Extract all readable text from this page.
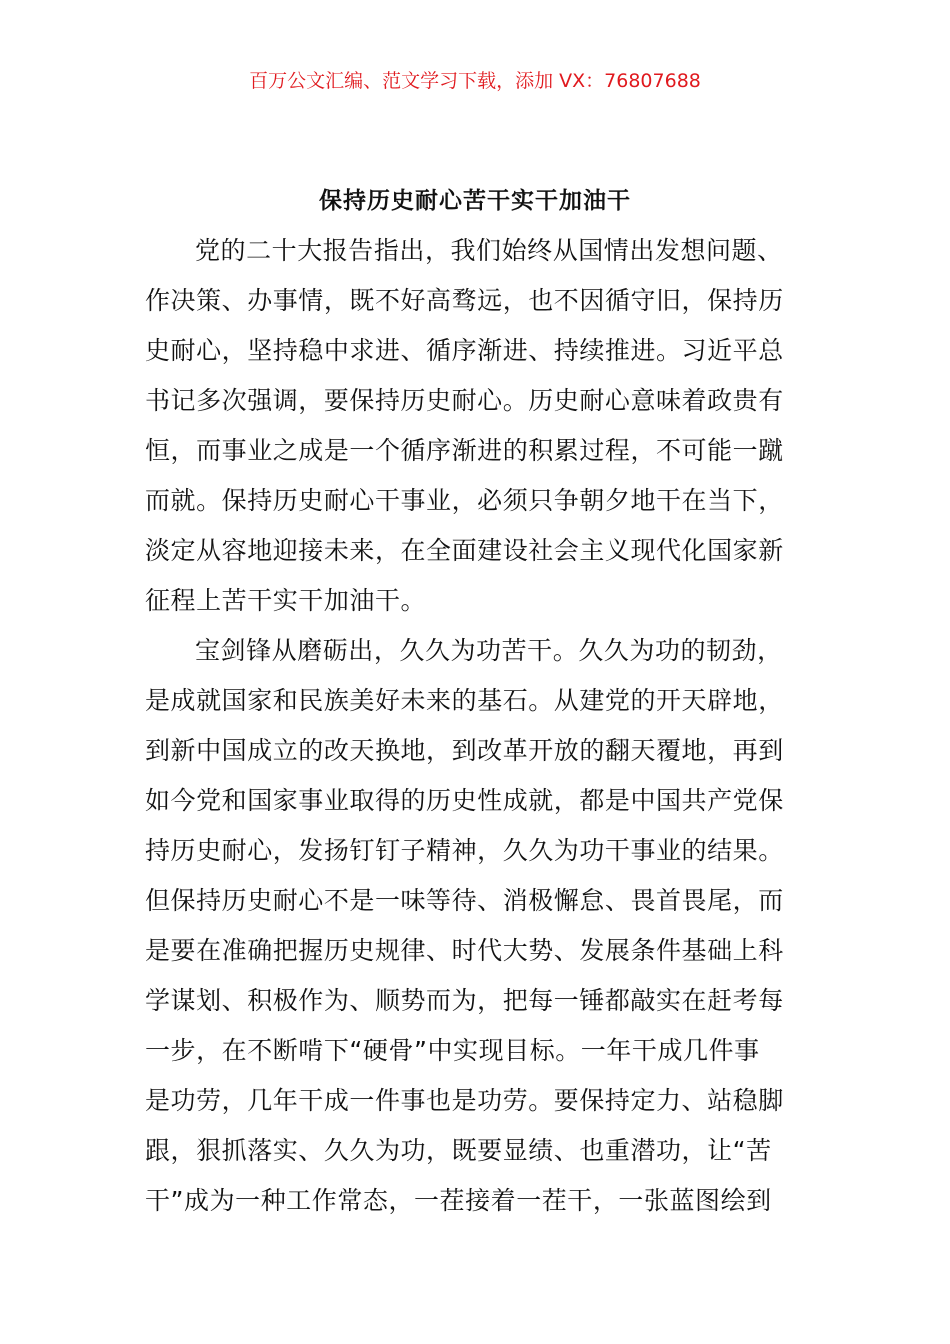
百万公文汇编、范文学习下载，添加 VX：76807688
保持历史耐心苦干实干加油干
党的二十大报告指出，我们始终从国情出发想问题、
作决策、办事情，既不好高骛远，也不因循守旧，保持历
史耐心，坚持稳中求进、循序渐进、持续推进。习近平总
书记多次强调，要保持历史耐心。历史耐心意味着政贵有
恒，而事业之成是一个循序渐进的积累过程，不可能一蹴
而就。保持历史耐心干事业，必须只争朝夕地干在当下，
淡定从容地迎接未来，在全面建设社会主义现代化国家新
征程上苦干实干加油干。
宝剑锋从磨砺出，久久为功苦干。久久为功的韧劲，
是成就国家和民族美好未来的基石。从建党的开天辟地，
到新中国成立的改天换地，到改革开放的翻天覆地，再到
如今党和国家事业取得的历史性成就，都是中国共产党保
持历史耐心，发扬钉钉子精神，久久为功干事业的结果。
但保持历史耐心不是一味等待、消极懈怠、畏首畏尾，而
是要在准确把握历史规律、时代大势、发展条件基础上科
学谋划、积极作为、顺势而为，把每一锤都敲实在赶考每
一步，在不断啃下“硬骨”中实现目标。一年干成几件事
是功劳，几年干成一件事也是功劳。要保持定力、站稳脚
跟，狠抓落实、久久为功，既要显绩、也重潜功，让“苦
干”成为一种工作常态，一茬接着一茬干，一张蓝图绘到
